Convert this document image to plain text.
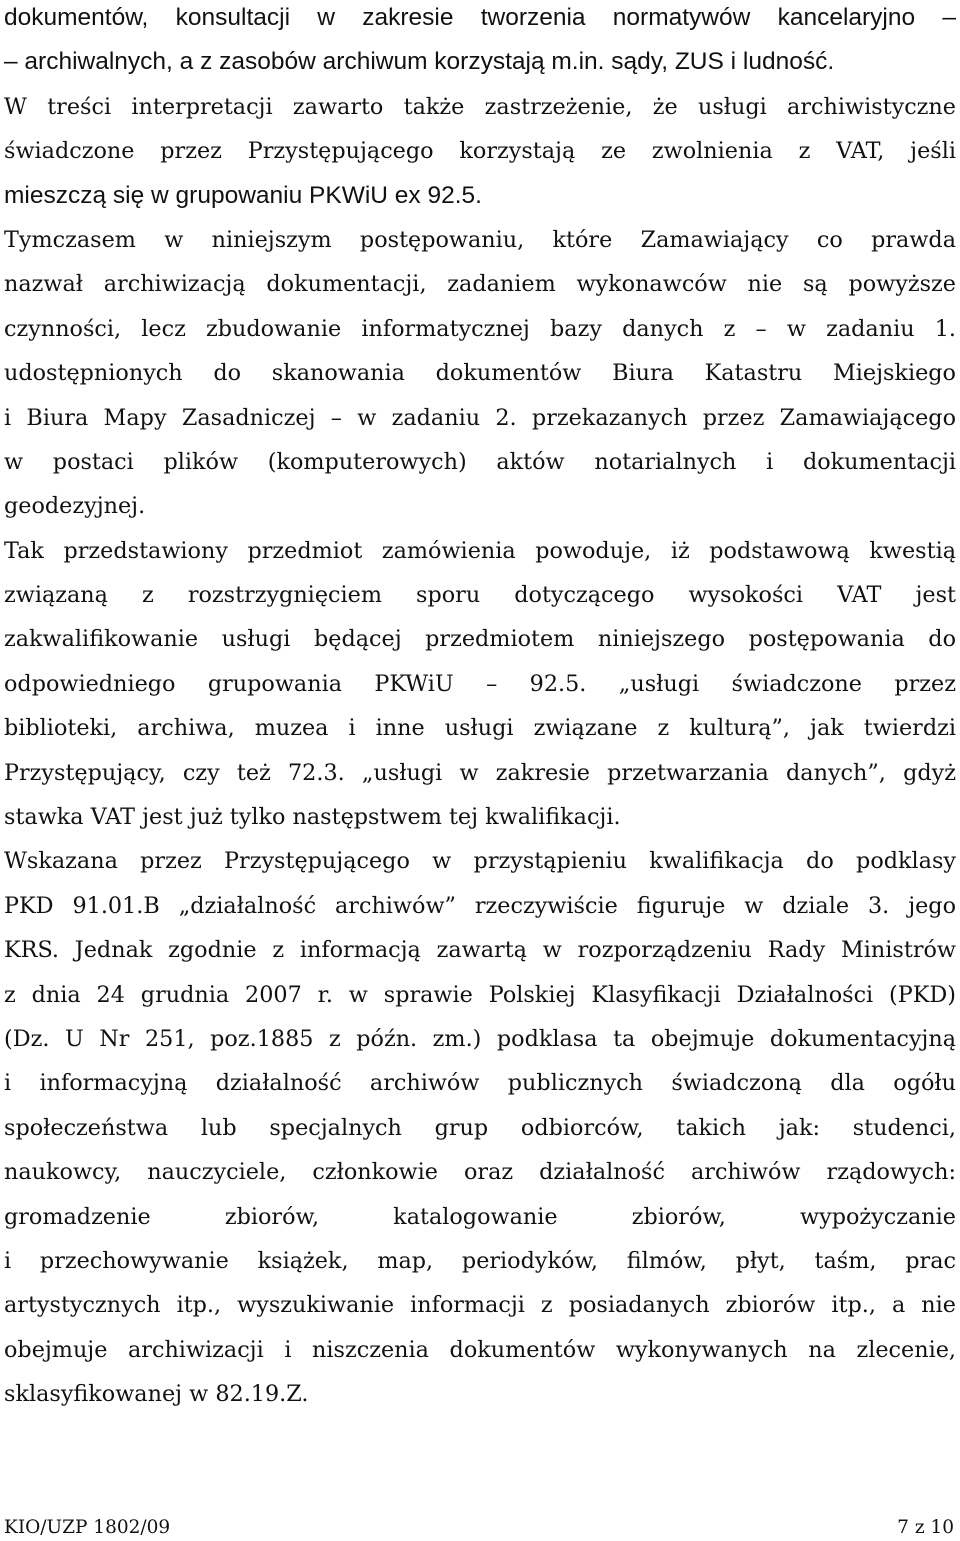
dokumentów, konsultacji w zakresie tworzenia normatywów kancelaryjno –
– archiwalnych, a z zasobów archiwum korzystają m.in. sądy, ZUS i ludność.
W treści interpretacji zawarto także zastrzeżenie, że usługi archiwistyczne
świadczone przez Przystępującego korzystają ze zwolnienia z VAT, jeśli
mieszczą się w grupowaniu PKWiU ex 92.5.
Tymczasem w niniejszym postępowaniu, które Zamawiający co prawda
nazwał archiwizacją dokumentacji, zadaniem wykonawców nie są powyższe
czynności, lecz zbudowanie informatycznej bazy danych z – w zadaniu 1.
udostępnionych do skanowania dokumentów Biura Katastru Miejskiego
i Biura Mapy Zasadniczej – w zadaniu 2. przekazanych przez Zamawiającego
w postaci plików (komputerowych) aktów notarialnych i dokumentacji
geodezyjnej.
Tak przedstawiony przedmiot zamówienia powoduje, iż podstawową kwestią
związaną z rozstrzygnięciem sporu dotyczącego wysokości VAT jest
zakwalifikowanie usługi będącej przedmiotem niniejszego postępowania do
odpowiedniego grupowania PKWiU – 92.5. „usługi świadczone przez
biblioteki, archiwa, muzea i inne usługi związane z kulturą”, jak twierdzi
Przystępujący, czy też 72.3. „usługi w zakresie przetwarzania danych”, gdyż
stawka VAT jest już tylko następstwem tej kwalifikacji.
Wskazana przez Przystępującego w przystąpieniu kwalifikacja do podklasy
PKD 91.01.B „działalność archiwów” rzeczywiście figuruje w dziale 3. jego
KRS. Jednak zgodnie z informacją zawartą w rozporządzeniu Rady Ministrów
z dnia 24 grudnia 2007 r. w sprawie Polskiej Klasyfikacji Działalności (PKD)
(Dz. U Nr 251, poz.1885 z późn. zm.) podklasa ta obejmuje dokumentacyjną
i informacyjną działalność archiwów publicznych świadczoną dla ogółu
społeczeństwa lub specjalnych grup odbiorców, takich jak: studenci,
naukowcy, nauczyciele, członkowie oraz działalność archiwów rządowych:
gromadzenie zbiorów, katalogowanie zbiorów, wypożyczanie
i przechowywanie książek, map, periodyków, filmów, płyt, taśm, prac
artystycznych itp., wyszukiwanie informacji z posiadanych zbiorów itp., a nie
obejmuje archiwizacji i niszczenia dokumentów wykonywanych na zlecenie,
sklasyfikowanej w 82.19.Z.
KIO/UZP 1802/09	7 z 10
